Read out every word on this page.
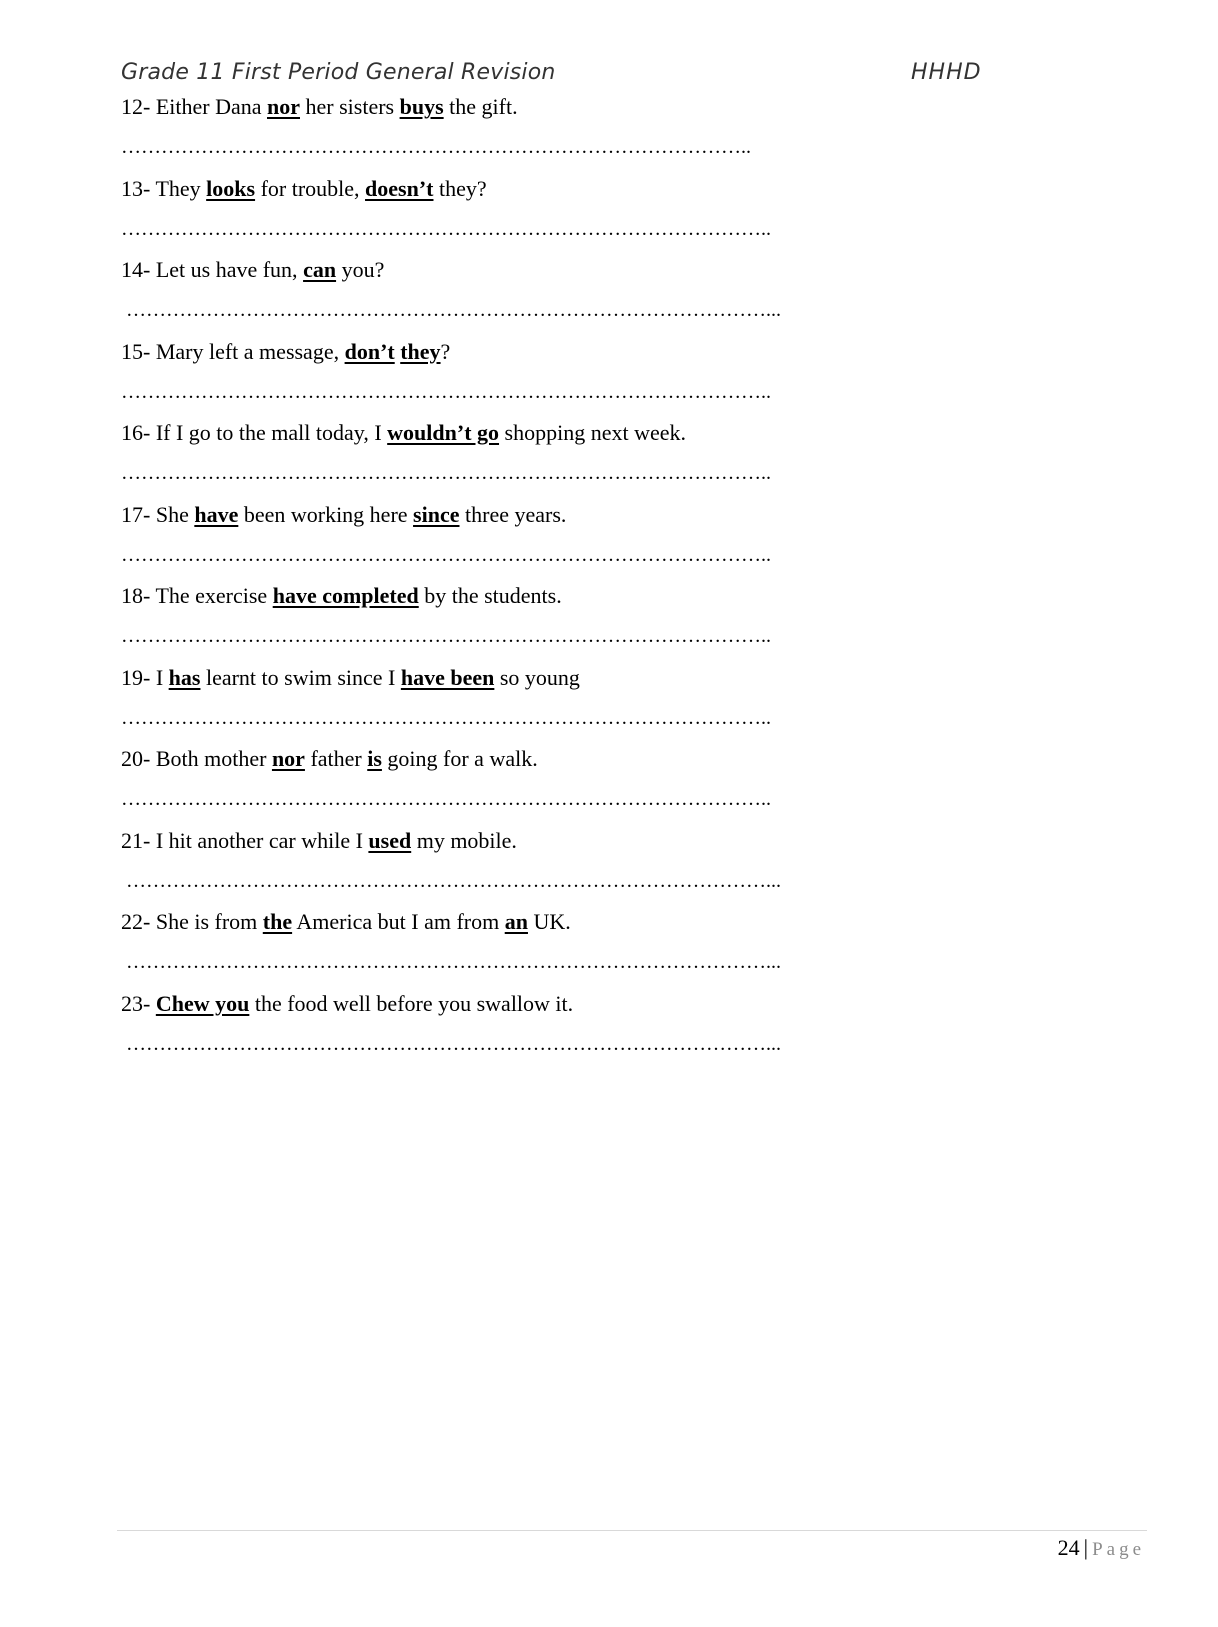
Grade 11 First Period General Revision	HHHD
12- Either Dana nor her sisters buys the gift.
…………………………………………………………………………………..
13- They looks for trouble, doesn’t they?
……………………………………………………………………………………..
14- Let us have fun, can you?
……………………………………………………………………………………...
15- Mary left a message, don’t they?
……………………………………………………………………………………..
16- If I go to the mall today, I wouldn’t go shopping next week.
……………………………………………………………………………………..
17- She have been working here since three years.
……………………………………………………………………………………..
18- The exercise have completed by the students.
……………………………………………………………………………………..
19- I has learnt to swim since I have been so young
……………………………………………………………………………………..
20- Both mother nor father is going for a walk.
……………………………………………………………………………………..
21- I hit another car while I used my mobile.
……………………………………………………………………………………...
22- She is from the America but I am from an UK.
……………………………………………………………………………………...
23- Chew you the food well before you swallow it.
……………………………………………………………………………………...
24 | Page
